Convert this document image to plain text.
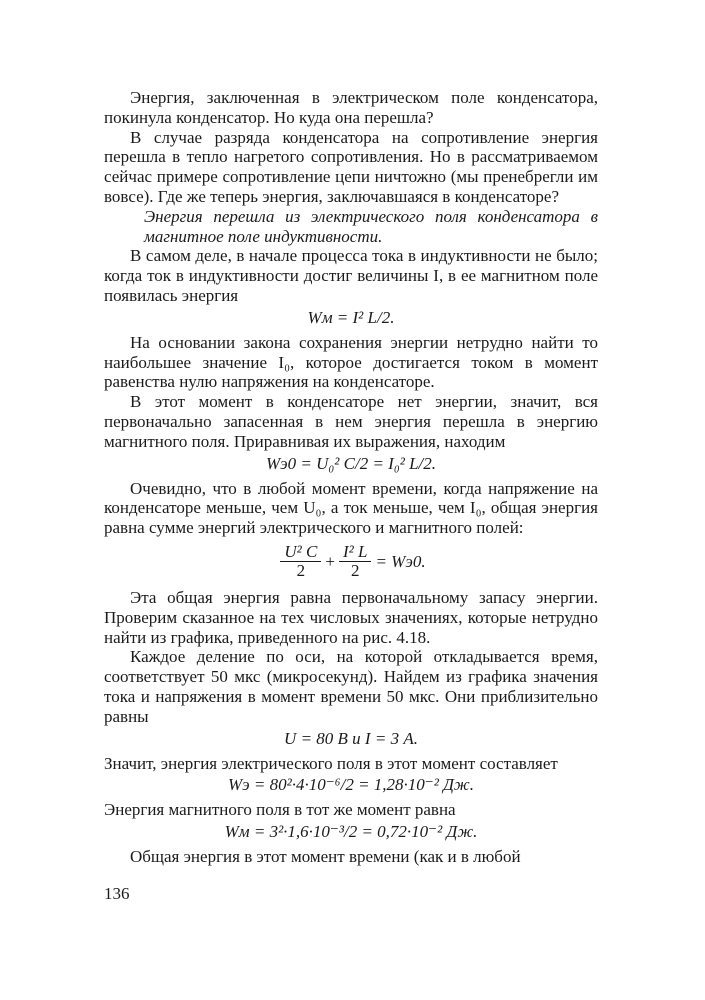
Энергия, заключенная в электрическом поле конденсатора, покинула конденсатор. Но куда она перешла?

В случае разряда конденсатора на сопротивление энергия перешла в тепло нагретого сопротивления. Но в рассматриваемом сейчас примере сопротивление цепи ничтожно (мы пренебрегли им вовсе). Где же теперь энергия, заключавшаяся в конденсаторе?

Энергия перешла из электрического поля конденсатора в магнитное поле индуктивности.

В самом деле, в начале процесса тока в индуктивности не было; когда ток в индуктивности достиг величины I, в ее магнитном поле появилась энергия

Wм = I² L/2.

На основании закона сохранения энергии нетрудно найти то наибольшее значение I₀, которое достигается током в момент равенства нулю напряжения на конденсаторе.

В этот момент в конденсаторе нет энергии, значит, вся первоначально запасенная в нем энергия перешла в энергию магнитного поля. Приравнивая их выражения, находим

Wэ0 = U₀² C/2 = I₀² L/2.

Очевидно, что в любой момент времени, когда напряжение на конденсаторе меньше, чем U₀, а ток меньше, чем I₀, общая энергия равна сумме энергий электрического и магнитного полей:

$\frac{\text{U² C}}{2} + \frac{\text{I² L}}{2} = Wэ0$.

Эта общая энергия равна первоначальному запасу энергии. Проверим сказанное на тех числовых значениях, которые нетрудно найти из графика, приведенного на рис. 4.18.

Каждое деление по оси, на которой откладывается время, соответствует 50 мкс (микросекунд). Найдем из графика значения тока и напряжения в момент времени 50 мкс. Они приблизительно равны

U = 80 В и I = 3 А.

Значит, энергия электрического поля в этот момент составляет

Wэ = 80²·4·10⁻⁶/2 = 1,28·10⁻² Дж.

Энергия магнитного поля в тот же момент равна

Wм = 3²·1,6·10⁻³/2 = 0,72·10⁻² Дж.

Общая энергия в этот момент времени (как и в любой

136
